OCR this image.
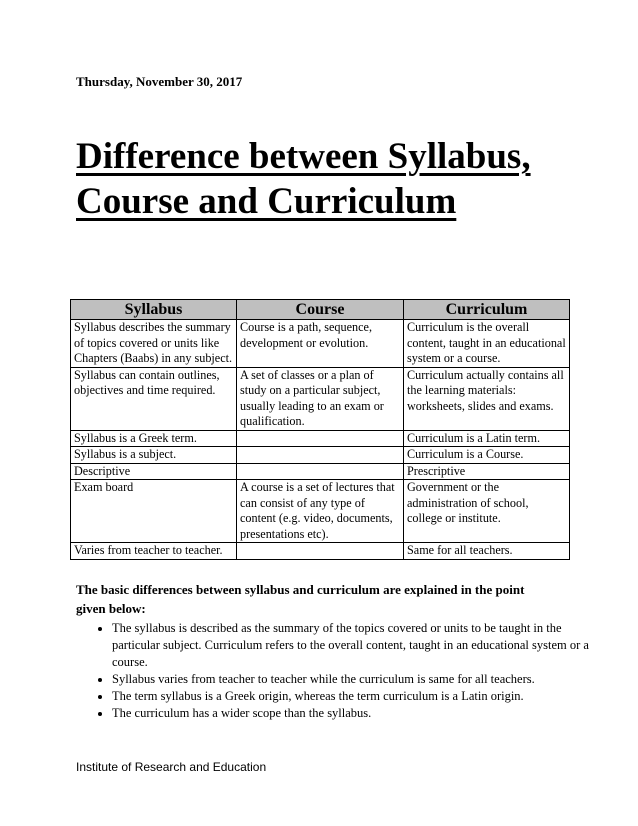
Thursday, November 30, 2017
Difference between Syllabus,
Course and Curriculum
Syllabus	Course	Curriculum
Syllabus describes the summary of topics covered or units like Chapters (Baabs) in any subject.	Course is a path, sequence, development or evolution.	Curriculum is the overall content, taught in an educational system or a course.
Syllabus can contain outlines, objectives and time required.	A set of classes or a plan of study on a particular subject, usually leading to an exam or qualification.	Curriculum actually contains all the learning materials: worksheets, slides and exams.
Syllabus is a Greek term.		Curriculum is a Latin term.
Syllabus is a subject.		Curriculum is a Course.
Descriptive		Prescriptive
Exam board	A course is a set of lectures that can consist of any type of content (e.g. video, documents, presentations etc).	Government or the administration of school, college or institute.
Varies from teacher to teacher.		Same for all teachers.
The basic differences between syllabus and curriculum are explained in the point given below:
• The syllabus is described as the summary of the topics covered or units to be taught in the particular subject. Curriculum refers to the overall content, taught in an educational system or a course.
• Syllabus varies from teacher to teacher while the curriculum is same for all teachers.
• The term syllabus is a Greek origin, whereas the term curriculum is a Latin origin.
• The curriculum has a wider scope than the syllabus.
Institute of Research and Education
